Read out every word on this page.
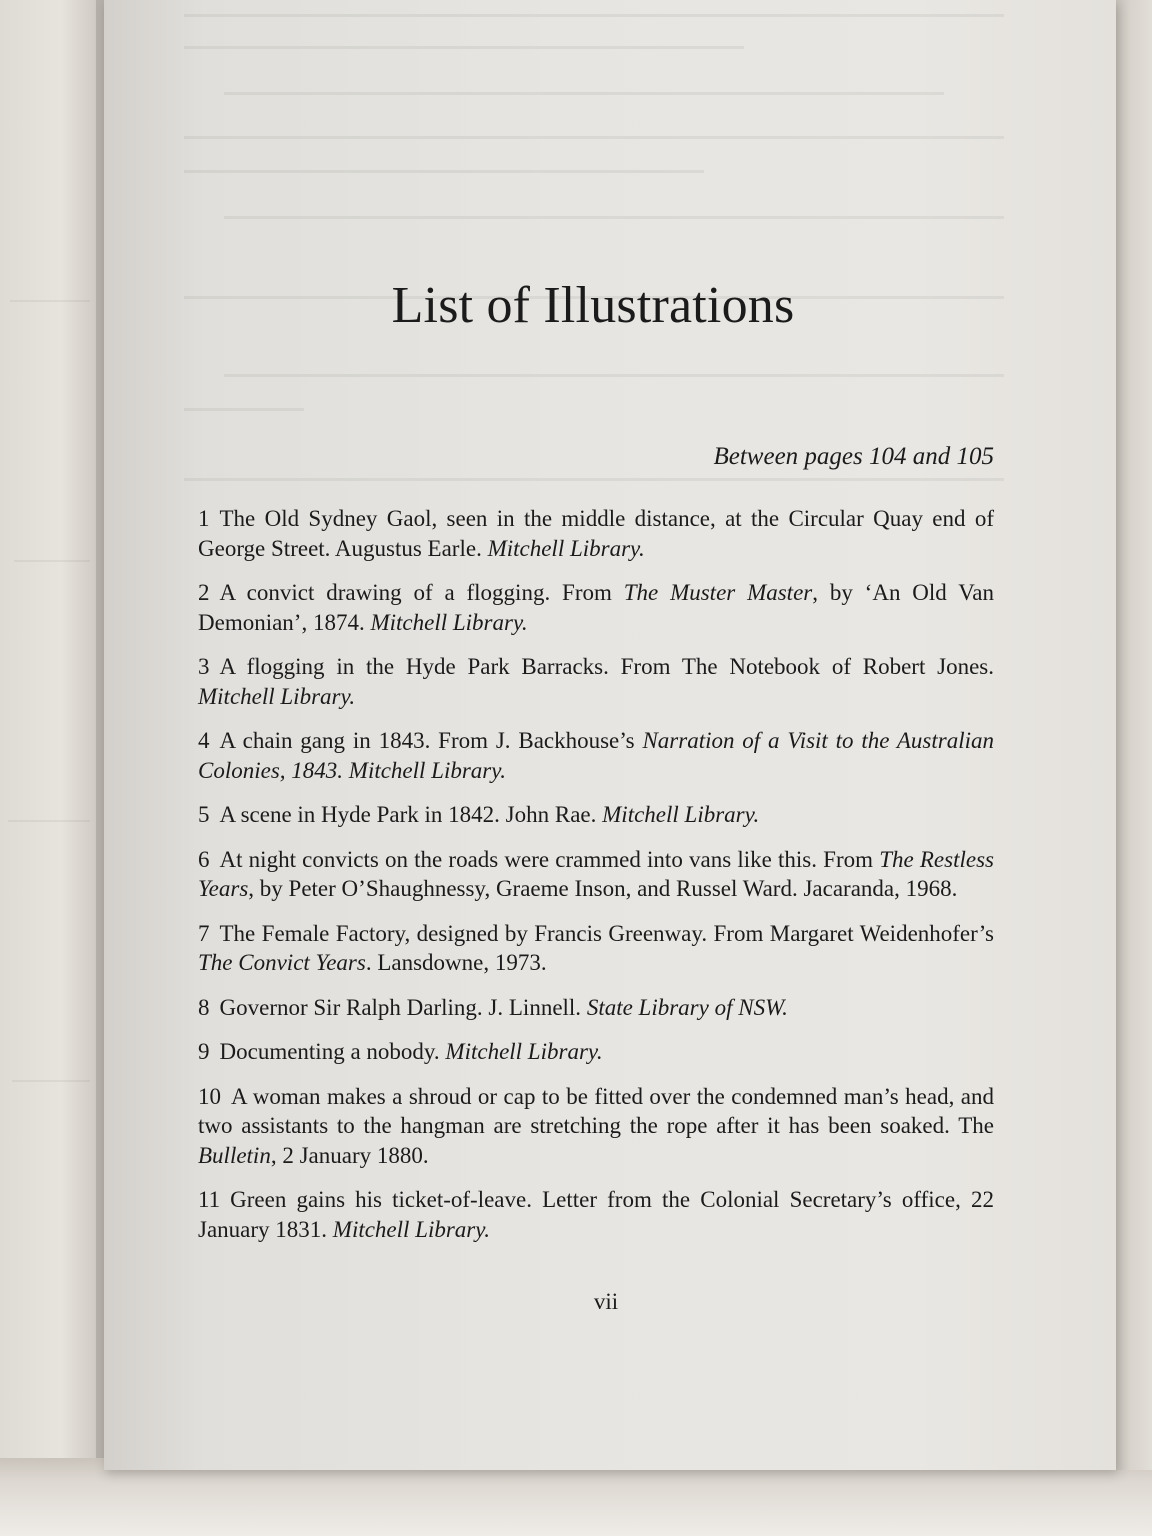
List of Illustrations
Between pages 104 and 105
1 The Old Sydney Gaol, seen in the middle distance, at the Circular Quay end of George Street. Augustus Earle. Mitchell Library.
2 A convict drawing of a flogging. From The Muster Master, by ‘An Old Van Demonian’, 1874. Mitchell Library.
3 A flogging in the Hyde Park Barracks. From The Notebook of Robert Jones. Mitchell Library.
4 A chain gang in 1843. From J. Backhouse’s Narration of a Visit to the Australian Colonies, 1843. Mitchell Library.
5 A scene in Hyde Park in 1842. John Rae. Mitchell Library.
6 At night convicts on the roads were crammed into vans like this. From The Restless Years, by Peter O’Shaughnessy, Graeme Inson, and Russel Ward. Jacaranda, 1968.
7 The Female Factory, designed by Francis Greenway. From Margaret Weidenhofer’s The Convict Years. Lansdowne, 1973.
8 Governor Sir Ralph Darling. J. Linnell. State Library of NSW.
9 Documenting a nobody. Mitchell Library.
10 A woman makes a shroud or cap to be fitted over the condemned man’s head, and two assistants to the hangman are stretching the rope after it has been soaked. The Bulletin, 2 January 1880.
11 Green gains his ticket-of-leave. Letter from the Colonial Secretary’s office, 22 January 1831. Mitchell Library.
vii
